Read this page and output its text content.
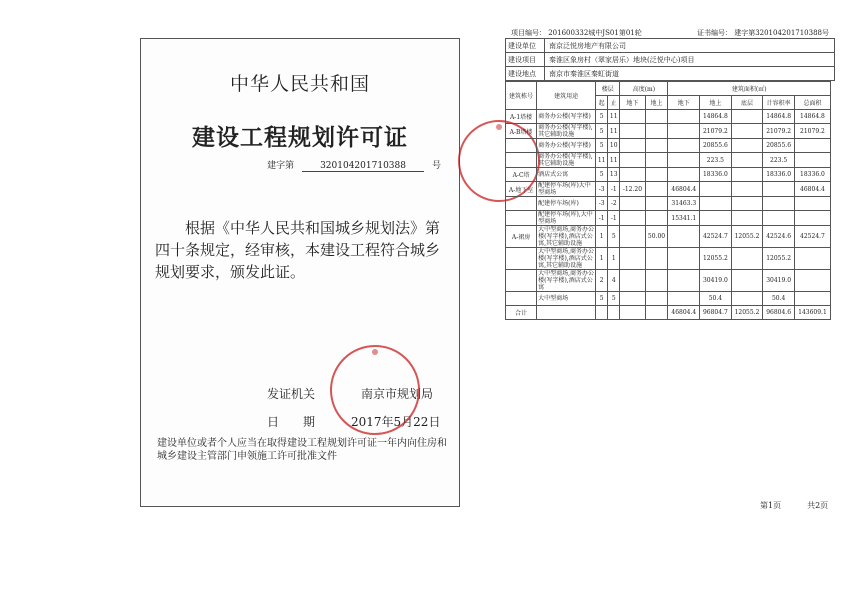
中华人民共和国
建设工程规划许可证
建字第	320104201710388	号
根据《中华人民共和国城乡规划法》第四十条规定，经审核，本建设工程符合城乡规划要求，颁发此证。
发证机关	南京市规划局
日　　期	2017年5月22日
建设单位或者个人应当在取得建设工程规划许可证一年内向住房和城乡建设主管部门申领施工许可批准文件
项目编号： 201600332城中JS01第01轮	证书编号： 建字第320104201710388号
建设单位	南京泛悦房地产有限公司
建设项目	秦淮区象房村（翠家居乐）地块(泛悦中心)项目
建设地点	南京市秦淮区秦虹街道
建筑栋号	建筑用途	楼层		高度(m)		建筑面积(㎡)				
		起	止	地下	地上	地下	地上	底层	计容积率	总面积
A-1塔楼	商务办公楼(写字楼)	5	11				14864.8		14864.8	14864.8
A-B塔楼	商务办公楼(写字楼),其它辅助设施	5	11				21079.2		21079.2	21079.2
	商务办公楼(写字楼)	5	10				20855.6		20855.6	
	商务办公楼(写字楼),其它辅助设施	11	11				223.5		223.5	
A-C塔	酒店式公寓	5	13				18336.0		18336.0	18336.0
A-地下室	配建停车场(库)大中型商场	-3	-1	-12.20		46804.4				46804.4
	配建停车场(库)	-3	-2			31463.3				
	配建停车场(库),大中型商场	-1	-1			15341.1				
A-裙房	大中型商场,商务办公楼(写字楼),酒店式公寓,其它辅助设施	1	5		50.00		42524.7	12055.2	42524.6	42524.7
	大中型商场,商务办公楼(写字楼),酒店式公寓,其它辅助设施	1	1				12055.2		12055.2	
	大中型商场,商务办公楼(写字楼),酒店式公寓	2	4				30419.0		30419.0	
	大中型商场	5	5				50.4		50.4	
合计						46804.4	96804.7	12055.2	96804.6	143609.1
第1页	共2页
